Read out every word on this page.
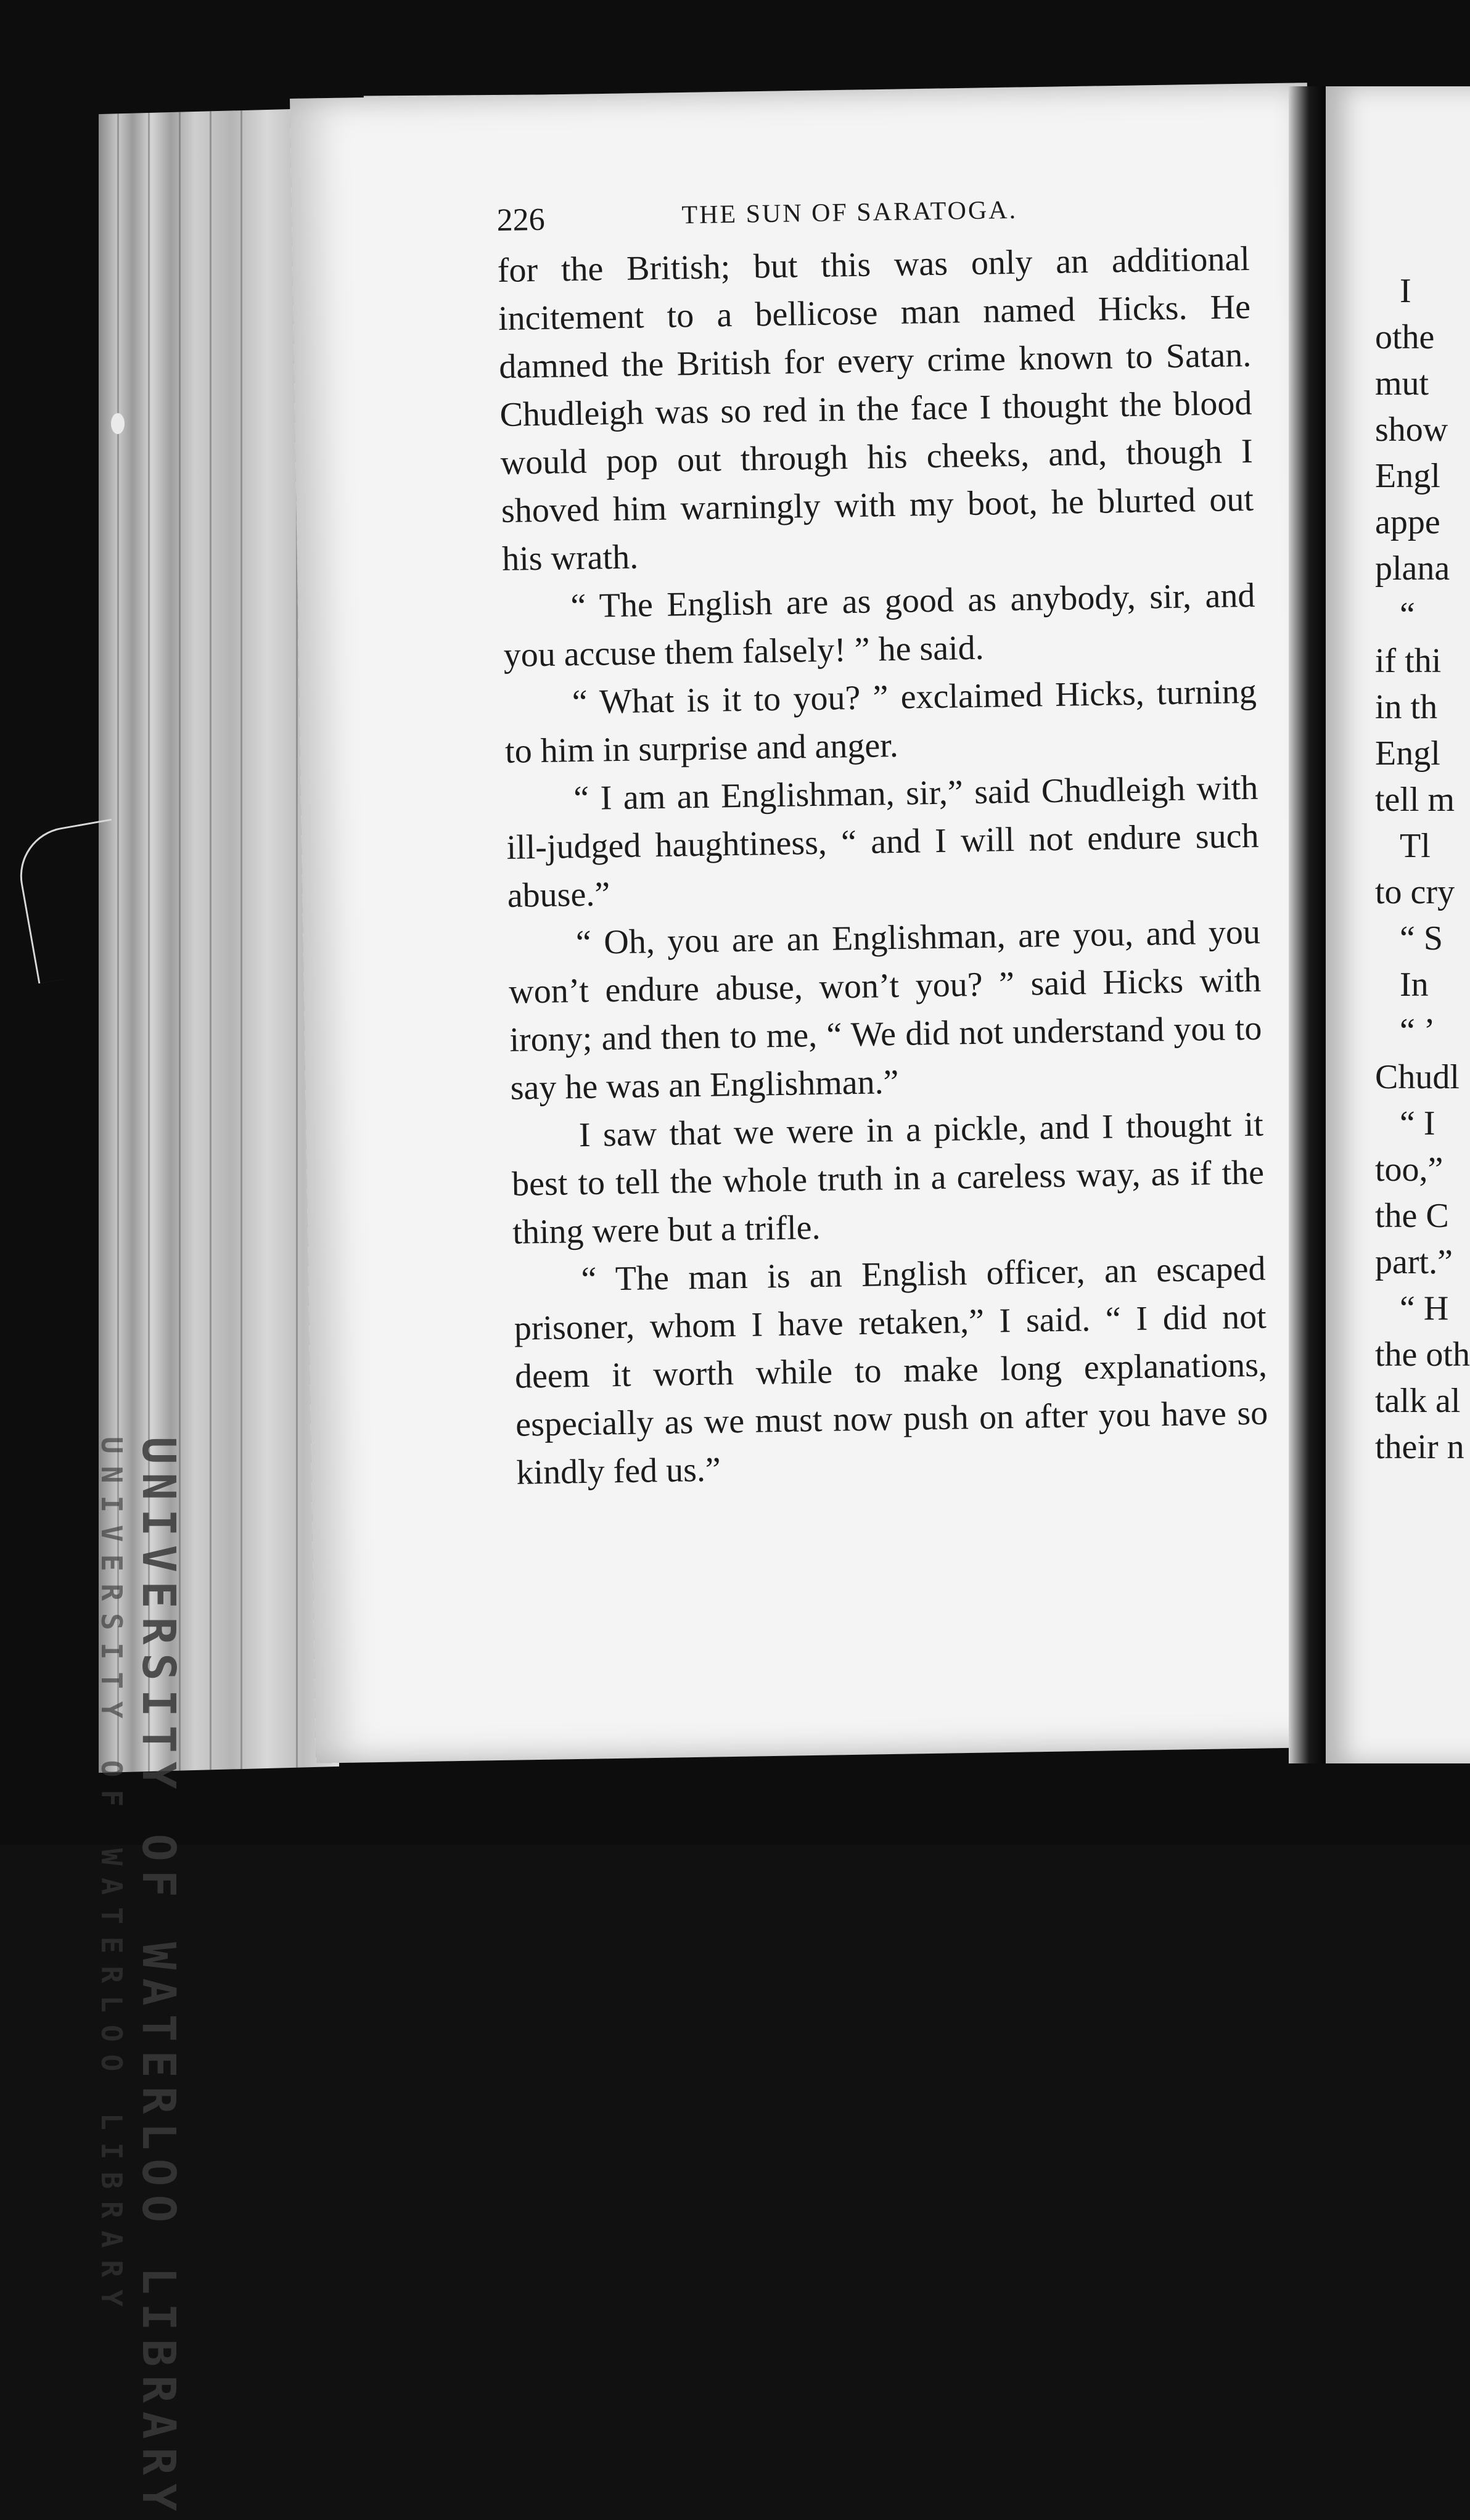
UNIVERSITY OF WATERLOO LIBRARY
UNIVERSITY OF WATERLOO LIBRARY
226	THE SUN OF SARATOGA.

for the British; but this was only an additional incitement to a bellicose man named Hicks. He damned the British for every crime known to Satan. Chudleigh was so red in the face I thought the blood would pop out through his cheeks, and, though I shoved him warningly with my boot, he blurted out his wrath.

“ The English are as good as anybody, sir, and you accuse them falsely! ” he said.

“ What is it to you? ” exclaimed Hicks, turning to him in surprise and anger.

“ I am an Englishman, sir,” said Chudleigh with ill-judged haughtiness, “ and I will not endure such abuse.”

“ Oh, you are an Englishman, are you, and you won’t endure abuse, won’t you? ” said Hicks with irony; and then to me, “ We did not understand you to say he was an Englishman.”

I saw that we were in a pickle, and I thought it best to tell the whole truth in a careless way, as if the thing were but a trifle.

“ The man is an English officer, an escaped prisoner, whom I have retaken,” I said. “ I did not deem it worth while to make long explanations, especially as we must now push on after you have so kindly fed us.”

I
othe
mut
show
Engl
appe
plana
“
if thi
in th
Engl
tell m
Tl
to cry
“ S
In
“ ’
Chudl
“ I
too,”
the C
part.”
“ H
the oth
talk al
their n
